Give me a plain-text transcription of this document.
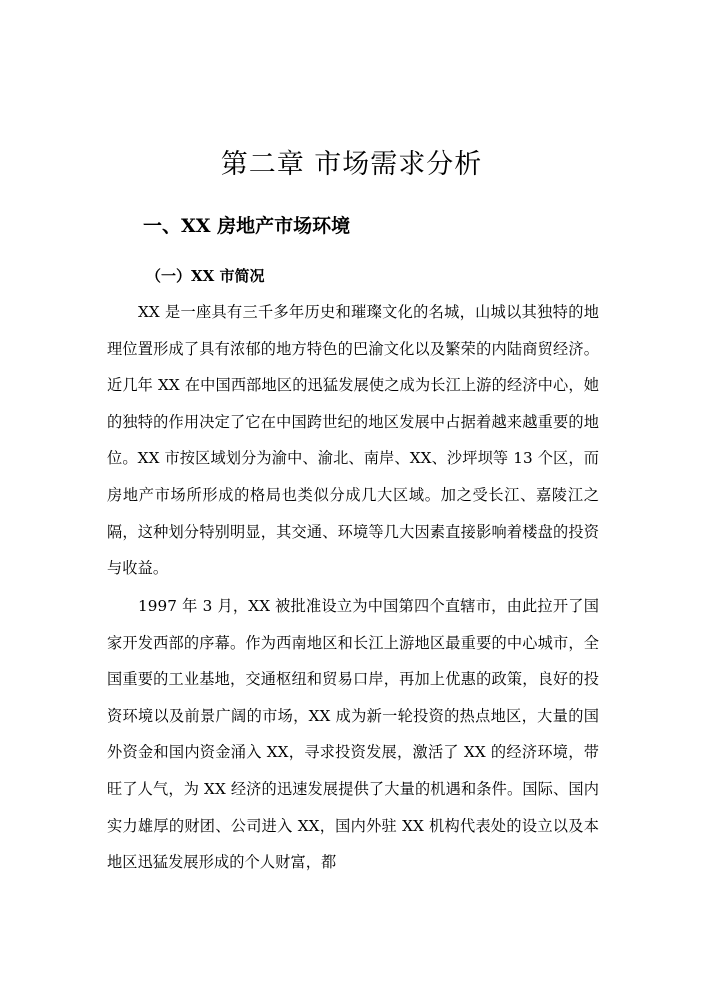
第二章 市场需求分析
一、XX 房地产市场环境
（一）XX 市简况

XX 是一座具有三千多年历史和璀璨文化的名城，山城以其独特的地理位置形成了具有浓郁的地方特色的巴渝文化以及繁荣的内陆商贸经济。近几年 XX 在中国西部地区的迅猛发展使之成为长江上游的经济中心，她的独特的作用决定了它在中国跨世纪的地区发展中占据着越来越重要的地位。XX 市按区域划分为渝中、渝北、南岸、XX、沙坪坝等 13 个区，而房地产市场所形成的格局也类似分成几大区域。加之受长江、嘉陵江之隔，这种划分特别明显，其交通、环境等几大因素直接影响着楼盘的投资与收益。

1997 年 3 月，XX 被批准设立为中国第四个直辖市，由此拉开了国家开发西部的序幕。作为西南地区和长江上游地区最重要的中心城市，全国重要的工业基地，交通枢纽和贸易口岸，再加上优惠的政策，良好的投资环境以及前景广阔的市场，XX 成为新一轮投资的热点地区，大量的国外资金和国内资金涌入 XX，寻求投资发展，激活了 XX 的经济环境，带旺了人气，为 XX 经济的迅速发展提供了大量的机遇和条件。国际、国内实力雄厚的财团、公司进入 XX，国内外驻 XX 机构代表处的设立以及本地区迅猛发展形成的个人财富，都
